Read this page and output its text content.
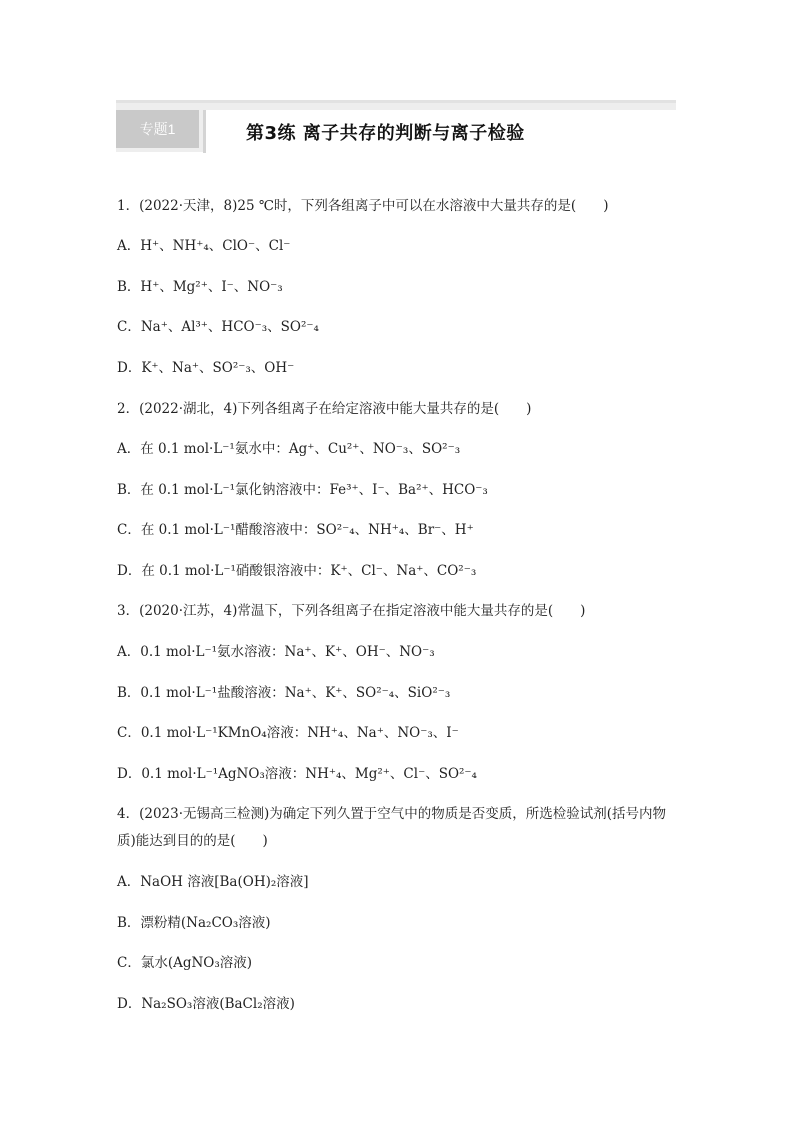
专题1	第3练 离子共存的判断与离子检验
1．(2022·天津，8)25 ℃时，下列各组离子中可以在水溶液中大量共存的是(　　)
A．H⁺、NH⁺₄、ClO⁻、Cl⁻
B．H⁺、Mg²⁺、I⁻、NO⁻₃
C．Na⁺、Al³⁺、HCO⁻₃、SO²⁻₄
D．K⁺、Na⁺、SO²⁻₃、OH⁻
2．(2022·湖北，4)下列各组离子在给定溶液中能大量共存的是(　　)
A．在 0.1 mol·L⁻¹氨水中：Ag⁺、Cu²⁺、NO⁻₃、SO²⁻₃
B．在 0.1 mol·L⁻¹氯化钠溶液中：Fe³⁺、I⁻、Ba²⁺、HCO⁻₃
C．在 0.1 mol·L⁻¹醋酸溶液中：SO²⁻₄、NH⁺₄、Br⁻、H⁺
D．在 0.1 mol·L⁻¹硝酸银溶液中：K⁺、Cl⁻、Na⁺、CO²⁻₃
3．(2020·江苏，4)常温下，下列各组离子在指定溶液中能大量共存的是(　　)
A．0.1 mol·L⁻¹氨水溶液：Na⁺、K⁺、OH⁻、NO⁻₃
B．0.1 mol·L⁻¹盐酸溶液：Na⁺、K⁺、SO²⁻₄、SiO²⁻₃
C．0.1 mol·L⁻¹KMnO₄溶液：NH⁺₄、Na⁺、NO⁻₃、I⁻
D．0.1 mol·L⁻¹AgNO₃溶液：NH⁺₄、Mg²⁺、Cl⁻、SO²⁻₄
4．(2023·无锡高三检测)为确定下列久置于空气中的物质是否变质，所选检验试剂(括号内物
质)能达到目的的是(　　)
A．NaOH 溶液[Ba(OH)₂溶液]
B．漂粉精(Na₂CO₃溶液)
C．氯水(AgNO₃溶液)
D．Na₂SO₃溶液(BaCl₂溶液)
